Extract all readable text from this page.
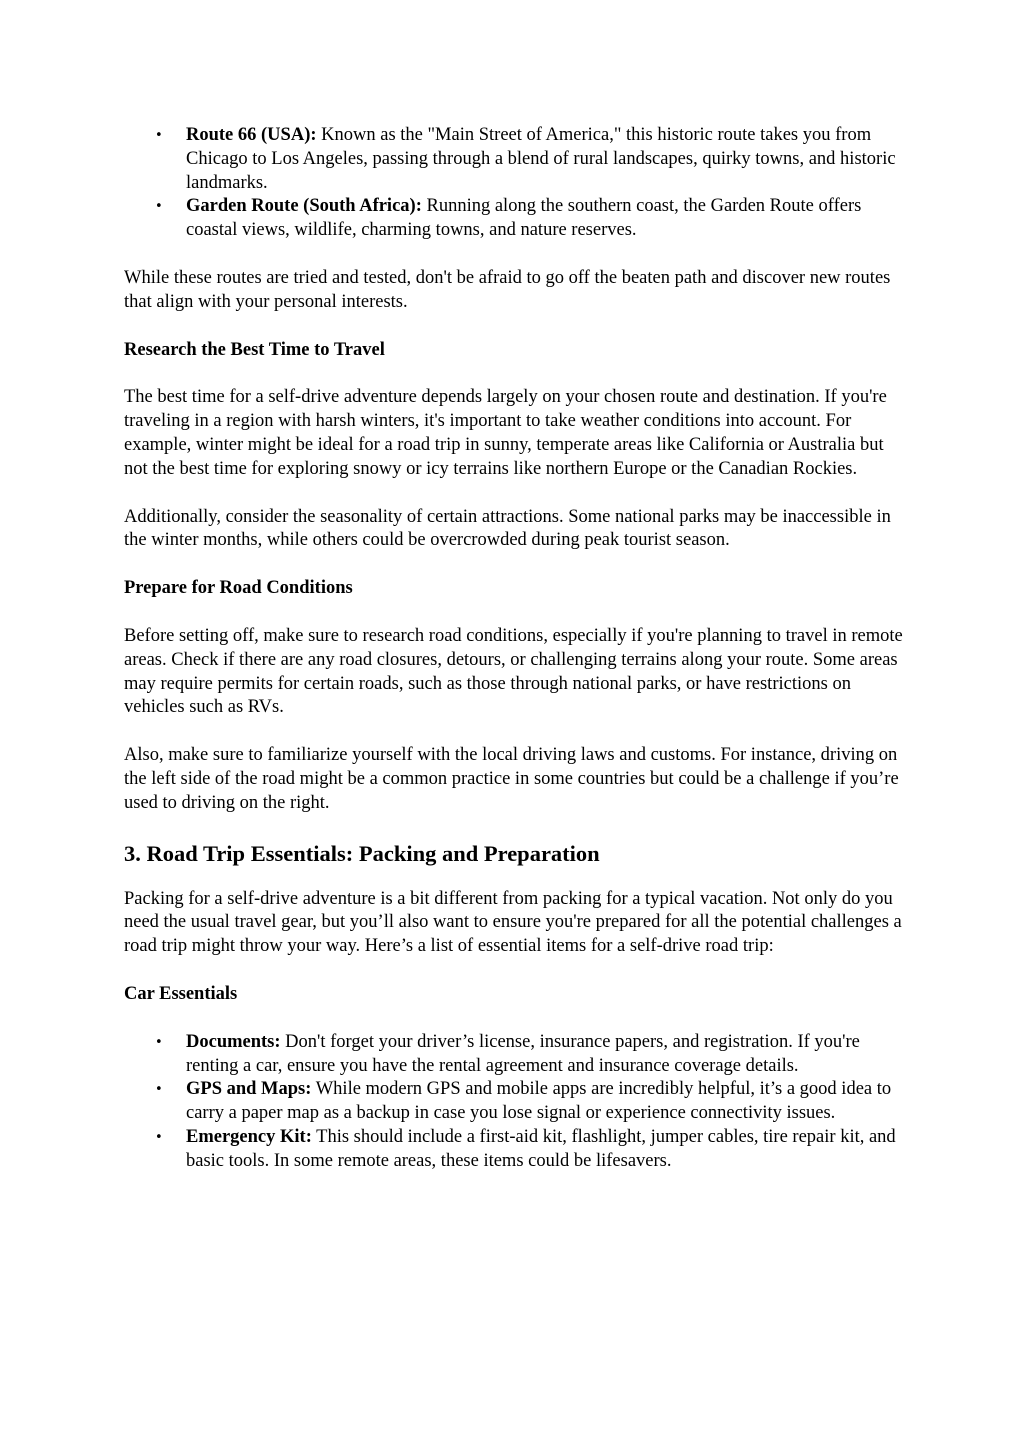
• Route 66 (USA): Known as the "Main Street of America," this historic route takes you from Chicago to Los Angeles, passing through a blend of rural landscapes, quirky towns, and historic landmarks.
• Garden Route (South Africa): Running along the southern coast, the Garden Route offers coastal views, wildlife, charming towns, and nature reserves.

While these routes are tried and tested, don't be afraid to go off the beaten path and discover new routes that align with your personal interests.

Research the Best Time to Travel

The best time for a self-drive adventure depends largely on your chosen route and destination. If you're traveling in a region with harsh winters, it's important to take weather conditions into account. For example, winter might be ideal for a road trip in sunny, temperate areas like California or Australia but not the best time for exploring snowy or icy terrains like northern Europe or the Canadian Rockies.

Additionally, consider the seasonality of certain attractions. Some national parks may be inaccessible in the winter months, while others could be overcrowded during peak tourist season.

Prepare for Road Conditions

Before setting off, make sure to research road conditions, especially if you're planning to travel in remote areas. Check if there are any road closures, detours, or challenging terrains along your route. Some areas may require permits for certain roads, such as those through national parks, or have restrictions on vehicles such as RVs.

Also, make sure to familiarize yourself with the local driving laws and customs. For instance, driving on the left side of the road might be a common practice in some countries but could be a challenge if you’re used to driving on the right.

3. Road Trip Essentials: Packing and Preparation

Packing for a self-drive adventure is a bit different from packing for a typical vacation. Not only do you need the usual travel gear, but you’ll also want to ensure you're prepared for all the potential challenges a road trip might throw your way. Here’s a list of essential items for a self-drive road trip:

Car Essentials

• Documents: Don't forget your driver’s license, insurance papers, and registration. If you're renting a car, ensure you have the rental agreement and insurance coverage details.
• GPS and Maps: While modern GPS and mobile apps are incredibly helpful, it’s a good idea to carry a paper map as a backup in case you lose signal or experience connectivity issues.
• Emergency Kit: This should include a first-aid kit, flashlight, jumper cables, tire repair kit, and basic tools. In some remote areas, these items could be lifesavers.
